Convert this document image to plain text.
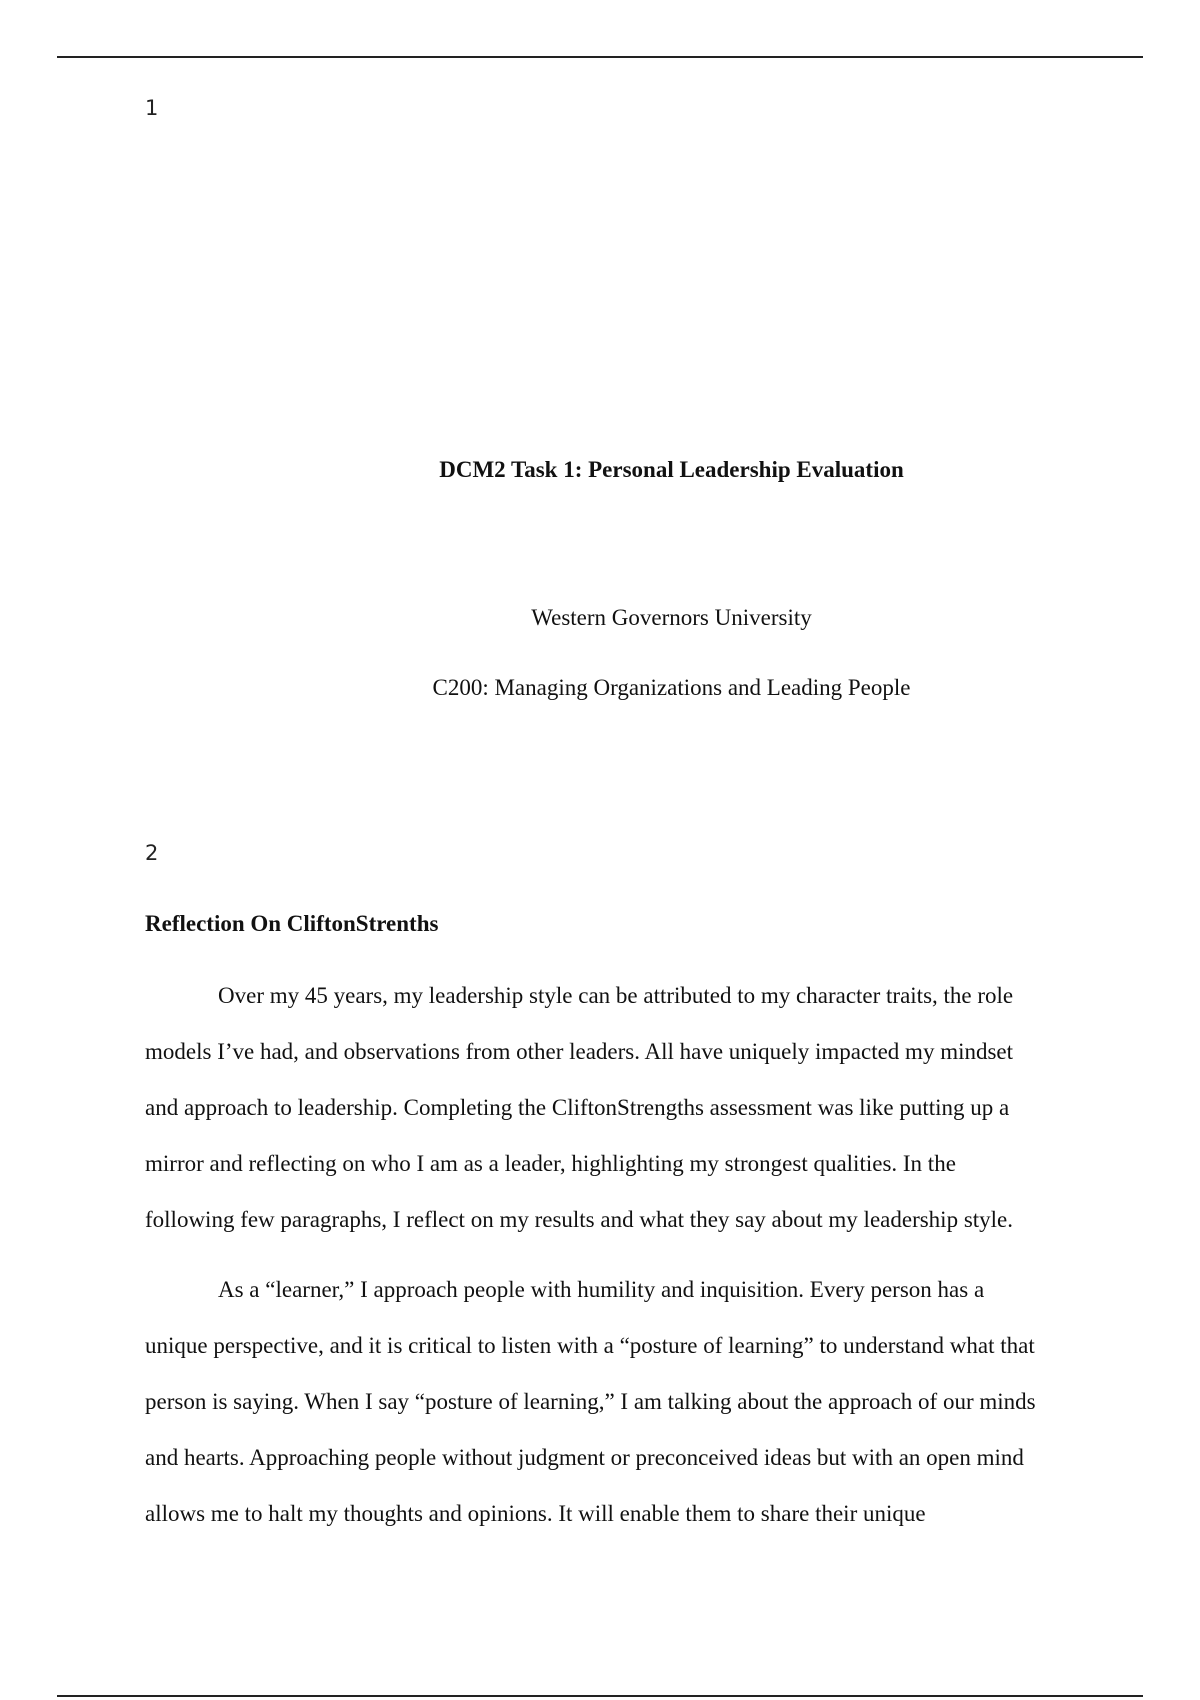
1
DCM2 Task 1: Personal Leadership Evaluation
Western Governors University
C200: Managing Organizations and Leading People
2
Reflection On CliftonStrenths
Over my 45 years, my leadership style can be attributed to my character traits, the role
models I’ve had, and observations from other leaders. All have uniquely impacted my mindset
and approach to leadership. Completing the CliftonStrengths assessment was like putting up a
mirror and reflecting on who I am as a leader, highlighting my strongest qualities. In the
following few paragraphs, I reflect on my results and what they say about my leadership style.
As a “learner,” I approach people with humility and inquisition. Every person has a
unique perspective, and it is critical to listen with a “posture of learning” to understand what that
person is saying. When I say “posture of learning,” I am talking about the approach of our minds
and hearts. Approaching people without judgment or preconceived ideas but with an open mind
allows me to halt my thoughts and opinions. It will enable them to share their unique
